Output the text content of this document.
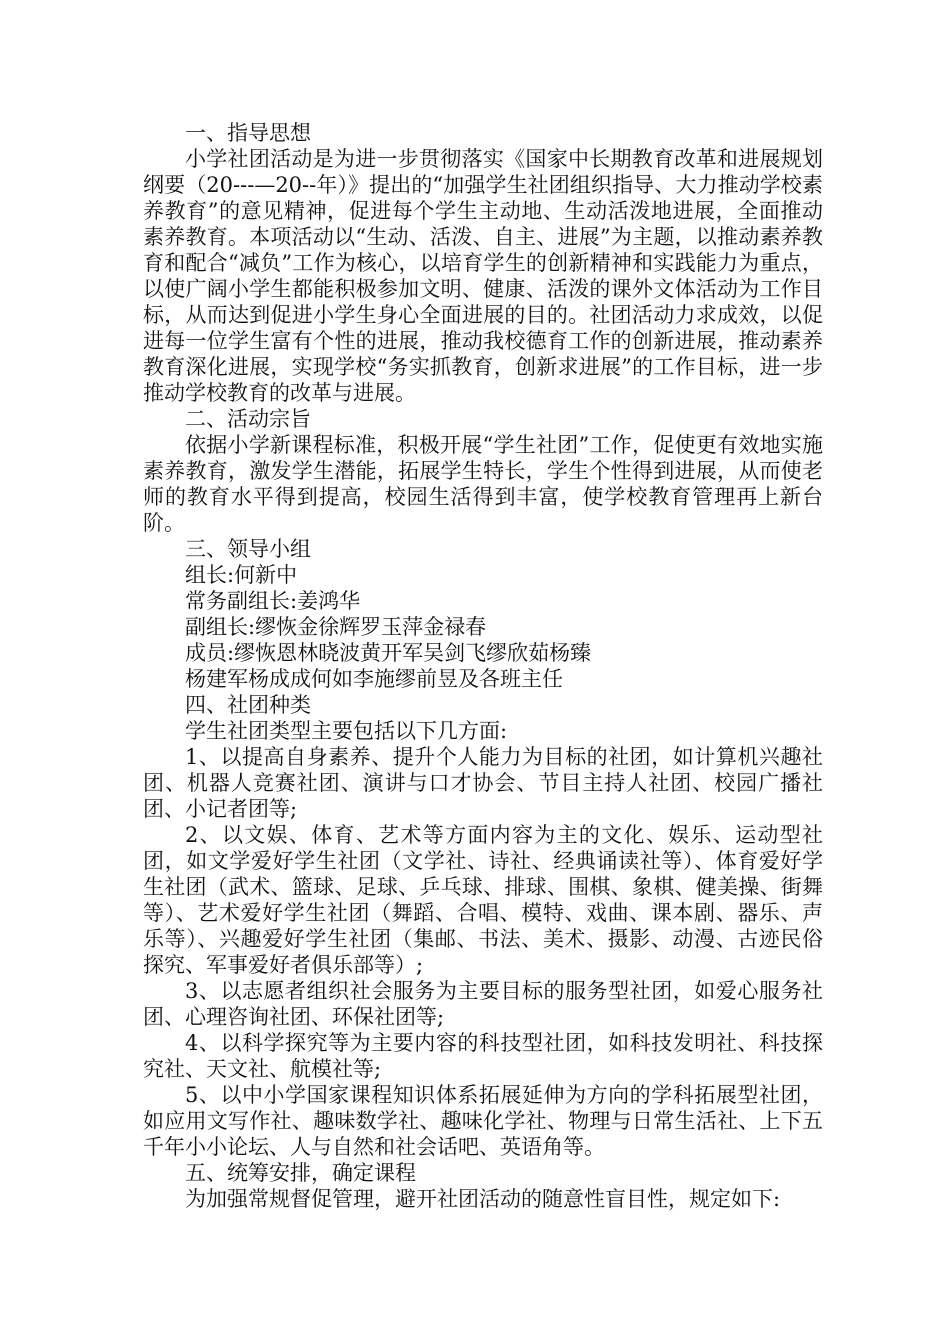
一、指导思想

小学社团活动是为进一步贯彻落实《国家中长期教育改革和进展规划纲要（20---—20--年）》提出的“加强学生社团组织指导、大力推动学校素养教育”的意见精神，促进每个学生主动地、生动活泼地进展，全面推动素养教育。本项活动以“生动、活泼、自主、进展”为主题，以推动素养教育和配合“减负”工作为核心，以培育学生的创新精神和实践能力为重点，以使广阔小学生都能积极参加文明、健康、活泼的课外文体活动为工作目标，从而达到促进小学生身心全面进展的目的。社团活动力求成效，以促进每一位学生富有个性的进展，推动我校德育工作的创新进展，推动素养教育深化进展，实现学校“务实抓教育，创新求进展”的工作目标，进一步推动学校教育的改革与进展。

二、活动宗旨

依据小学新课程标准，积极开展“学生社团”工作，促使更有效地实施素养教育，激发学生潜能，拓展学生特长，学生个性得到进展，从而使老师的教育水平得到提高，校园生活得到丰富，使学校教育管理再上新台阶。

三、领导小组

组长:何新中

常务副组长:姜鸿华

副组长:缪恢金徐辉罗玉萍金禄春

成员:缪恢恩林晓波黄开军吴剑飞缪欣茹杨臻

杨建军杨成成何如李施缪前昱及各班主任

四、社团种类

学生社团类型主要包括以下几方面:

1、以提高自身素养、提升个人能力为目标的社团，如计算机兴趣社团、机器人竞赛社团、演讲与口才协会、节目主持人社团、校园广播社团、小记者团等;

2、以文娱、体育、艺术等方面内容为主的文化、娱乐、运动型社团，如文学爱好学生社团（文学社、诗社、经典诵读社等）、体育爱好学生社团（武术、篮球、足球、乒乓球、排球、围棋、象棋、健美操、街舞等）、艺术爱好学生社团（舞蹈、合唱、模特、戏曲、课本剧、器乐、声乐等）、兴趣爱好学生社团（集邮、书法、美术、摄影、动漫、古迹民俗探究、军事爱好者俱乐部等）;

3、以志愿者组织社会服务为主要目标的服务型社团，如爱心服务社团、心理咨询社团、环保社团等;

4、以科学探究等为主要内容的科技型社团，如科技发明社、科技探究社、天文社、航模社等;

5、以中小学国家课程知识体系拓展延伸为方向的学科拓展型社团，如应用文写作社、趣味数学社、趣味化学社、物理与日常生活社、上下五千年小小论坛、人与自然和社会话吧、英语角等。

五、统筹安排，确定课程

为加强常规督促管理，避开社团活动的随意性盲目性，规定如下:
